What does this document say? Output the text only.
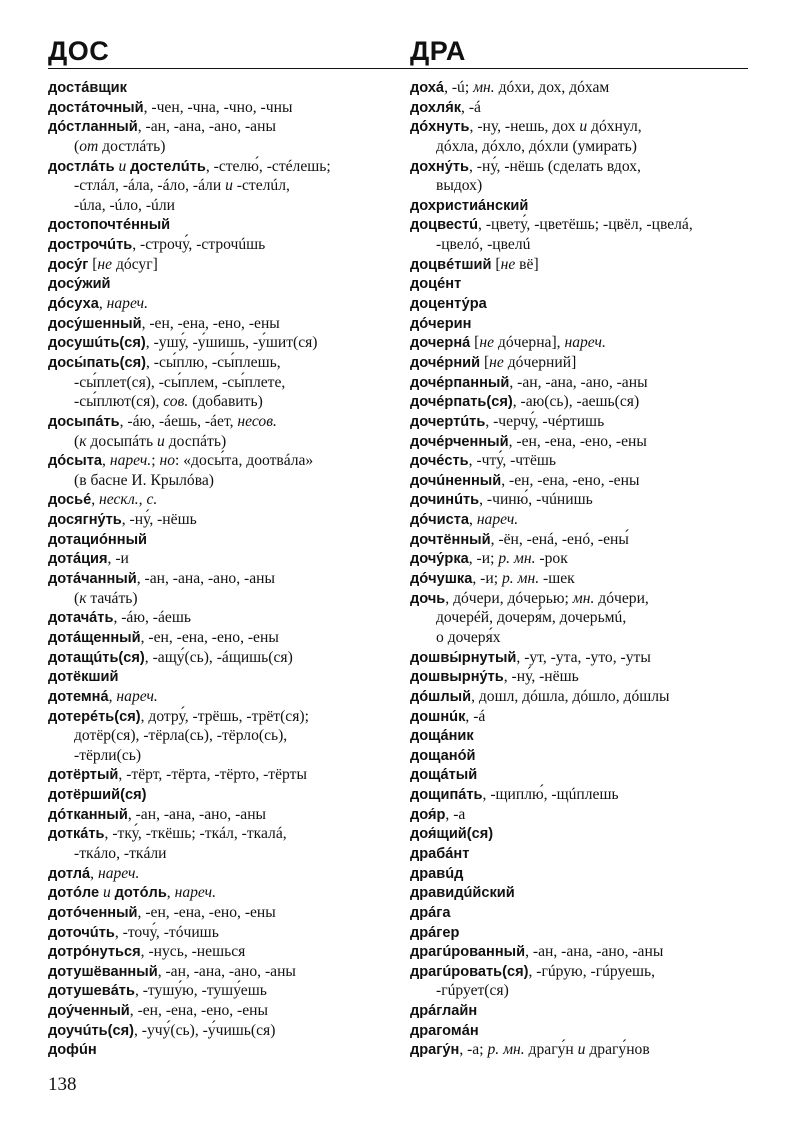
ДОС	ДРА
достáвщик
достáточный, -чен, -чна, -чно, -чны
дóстланный, -ан, -ана, -ано, -аны
(от достлáть)
достлáть и достелúть, -стелю́, -стéлешь;
-стлáл, -áла, -áло, -áли и -стелúл,
-úла, -úло, -úли
достопочтéнный
дострочúть, -строчу́, -строчúшь
досу́г [не дóсуг]
досу́жий
дóсуха, нареч.
досу́шенный, -ен, -ена, -ено, -ены
досушúть(ся), -ушу́, -у́шишь, -у́шит(ся)
досы́пать(ся), -сы́плю, -сы́плешь,
-сы́плет(ся), -сы́плем, -сы́плете,
-сы́плют(ся), сов. (добавить)
досыпáть, -áю, -áешь, -áет, несов.
(к досыпáть и доспáть)
дóсыта, нареч.; но: «досы́та, доотвáла»
(в басне И. Крылóва)
досьé, нескл., с.
досягну́ть, -ну́, -нёшь
дотациóнный
дотáция, -и
дотáчанный, -ан, -ана, -ано, -аны
(к тачáть)
дотачáть, -áю, -áешь
дотáщенный, -ен, -ена, -ено, -ены
дотащúть(ся), -ащу́(сь), -áщишь(ся)
дотёкший
дотемнá, нареч.
дотерéть(ся), дотру́, -трёшь, -трёт(ся);
дотёр(ся), -тёрла(сь), -тёрло(сь),
-тёрли(сь)
дотёртый, -тёрт, -тёрта, -тёрто, -тёрты
дотёрший(ся)
дóтканный, -ан, -ана, -ано, -аны
доткáть, -тку́, -ткёшь; -ткáл, -ткалá,
-ткáло, -ткáли
дотлá, нареч.
дотóле и дотóль, нареч.
дотóченный, -ен, -ена, -ено, -ены
доточúть, -точу́, -тóчишь
дотрóнуться, -нусь, -нешься
дотушёванный, -ан, -ана, -ано, -аны
дотушевáть, -тушу́ю, -тушу́ешь
доу́ченный, -ен, -ена, -ено, -ены
доучúть(ся), -учу́(сь), -у́чишь(ся)
дофúн
дохá, -ú; мн. дóхи, дох, дóхам
дохля́к, -á
дóхнуть, -ну, -нешь, дох и дóхнул,
дóхла, дóхло, дóхли (умирать)
дохну́ть, -ну́, -нёшь (сделать вдох,
выдох)
дохристиáнский
доцвестú, -цвету́, -цветёшь; -цвёл, -цвелá,
-цвелó, -цвелú
доцвéтший [не вё]
доцéнт
доценту́ра
дóчерин
дочернá [не дóчерна], нареч.
дочéрний [не дóчерний]
дочéрпанный, -ан, -ана, -ано, -аны
дочéрпать(ся), -аю(сь), -аешь(ся)
дочертúть, -черчу́, -чéртишь
дочéрченный, -ен, -ена, -ено, -ены
дочéсть, -чту́, -чтёшь
дочúненный, -ен, -ена, -ено, -ены
дочинúть, -чиню́, -чúнишь
дóчиста, нареч.
дочтённый, -ён, -енá, -енó, -ены́
дочу́рка, -и; р. мн. -рок
дóчушка, -и; р. мн. -шек
дочь, дóчери, дóчерью; мн. дóчери,
дочерéй, дочеря́м, дочерьмú,
о дочеря́х
дошвы́рнутый, -ут, -ута, -уто, -уты
дошвырну́ть, -ну́, -нёшь
дóшлый, дошл, дóшла, дóшло, дóшлы
дошнúк, -á
дощáник
дощанóй
дощáтый
дощипáть, -щиплю́, -щúплешь
доя́р, -а
доя́щий(ся)
драбáнт
дравúд
дравидúйский
дрáга
дрáгер
драгúрованный, -ан, -ана, -ано, -аны
драгúровать(ся), -гúрую, -гúруешь,
-гúрует(ся)
дрáглайн
драгомáн
драгу́н, -а; р. мн. драгу́н и драгу́нов
138
